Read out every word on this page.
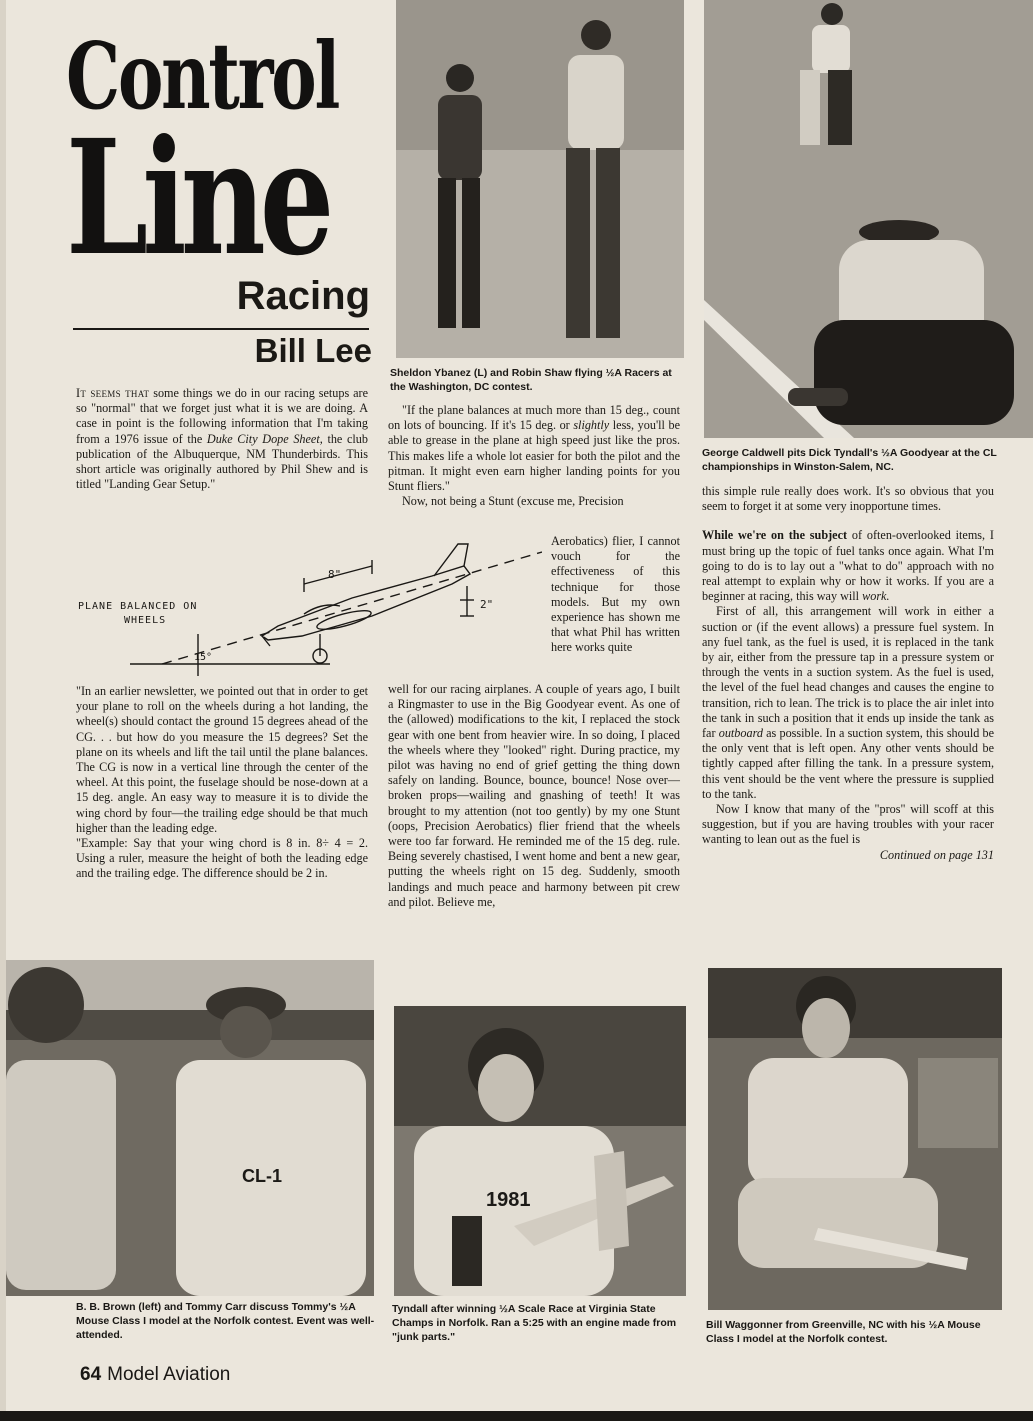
Control
Line
Racing
Bill Lee

Sheldon Ybanez (L) and Robin Shaw flying ½A Racers at the Washington, DC contest.

George Caldwell pits Dick Tyndall's ½A Goodyear at the CL championships in Winston-Salem, NC.

It seems that some things we do in our racing setups are so "normal" that we forget just what it is we are doing. A case in point is the following information that I'm taking from a 1976 issue of the Duke City Dope Sheet, the club publication of the Albuquerque, NM Thunderbirds. This short article was originally authored by Phil Shew and is titled "Landing Gear Setup."

"If the plane balances at much more than 15 deg., count on lots of bouncing. If it's 15 deg. or slightly less, you'll be able to grease in the plane at high speed just like the pros. This makes life a whole lot easier for both the pilot and the pitman. It might even earn higher landing points for you Stunt fliers."

Now, not being a Stunt (excuse me, Precision

Aerobatics) flier, I cannot vouch for the effectiveness of this technique for those models. But my own experience has shown me that what Phil has written here works quite
8"
2"
15°

PLANE BALANCED ON

WHEELS

"In an earlier newsletter, we pointed out that in order to get your plane to roll on the wheels during a hot landing, the wheel(s) should contact the ground 15 degrees ahead of the CG. . . but how do you measure the 15 degrees? Set the plane on its wheels and lift the tail until the plane balances. The CG is now in a vertical line through the center of the wheel. At this point, the fuselage should be nose-down at a 15 deg. angle. An easy way to measure it is to divide the wing chord by four—the trailing edge should be that much higher than the leading edge.

"Example: Say that your wing chord is 8 in. 8÷ 4 = 2. Using a ruler, measure the height of both the leading edge and the trailing edge. The difference should be 2 in.

well for our racing airplanes. A couple of years ago, I built a Ringmaster to use in the Big Goodyear event. As one of the (allowed) modifications to the kit, I replaced the stock gear with one bent from heavier wire. In so doing, I placed the wheels where they "looked" right. During practice, my pilot was having no end of grief getting the thing down safely on landing. Bounce, bounce, bounce! Nose over—broken props—wailing and gnashing of teeth! It was brought to my attention (not too gently) by my one Stunt (oops, Precision Aerobatics) flier friend that the wheels were too far forward. He reminded me of the 15 deg. rule. Being severely chastised, I went home and bent a new gear, putting the wheels right on 15 deg. Suddenly, smooth landings and much peace and harmony between pit crew and pilot. Believe me,

this simple rule really does work. It's so obvious that you seem to forget it at some very inopportune times.

While we're on the subject of often-overlooked items, I must bring up the topic of fuel tanks once again. What I'm going to do is to lay out a "what to do" approach with no real attempt to explain why or how it works. If you are a beginner at racing, this way will work.

First of all, this arrangement will work in either a suction or (if the event allows) a pressure fuel system. In any fuel tank, as the fuel is used, it is replaced in the tank by air, either from the pressure tap in a pressure system or through the vents in a suction system. As the fuel is used, the level of the fuel head changes and causes the engine to transition, rich to lean. The trick is to place the air inlet into the tank in such a position that it ends up inside the tank as far outboard as possible. In a suction system, this should be the only vent that is left open. Any other vents should be tightly capped after filling the tank. In a pressure system, this vent should be the vent where the pressure is supplied to the tank.

Now I know that many of the "pros" will scoff at this suggestion, but if you are having troubles with your racer wanting to lean out as the fuel is

Continued on page 131
CL-1

B. B. Brown (left) and Tommy Carr discuss Tommy's ½A Mouse Class I model at the Norfolk contest. Event was well-attended.

1981

Tyndall after winning ½A Scale Race at Virginia State Champs in Norfolk. Ran a 5:25 with an engine made from "junk parts."

Bill Waggonner from Greenville, NC with his ½A Mouse Class I model at the Norfolk contest.

64 Model Aviation
